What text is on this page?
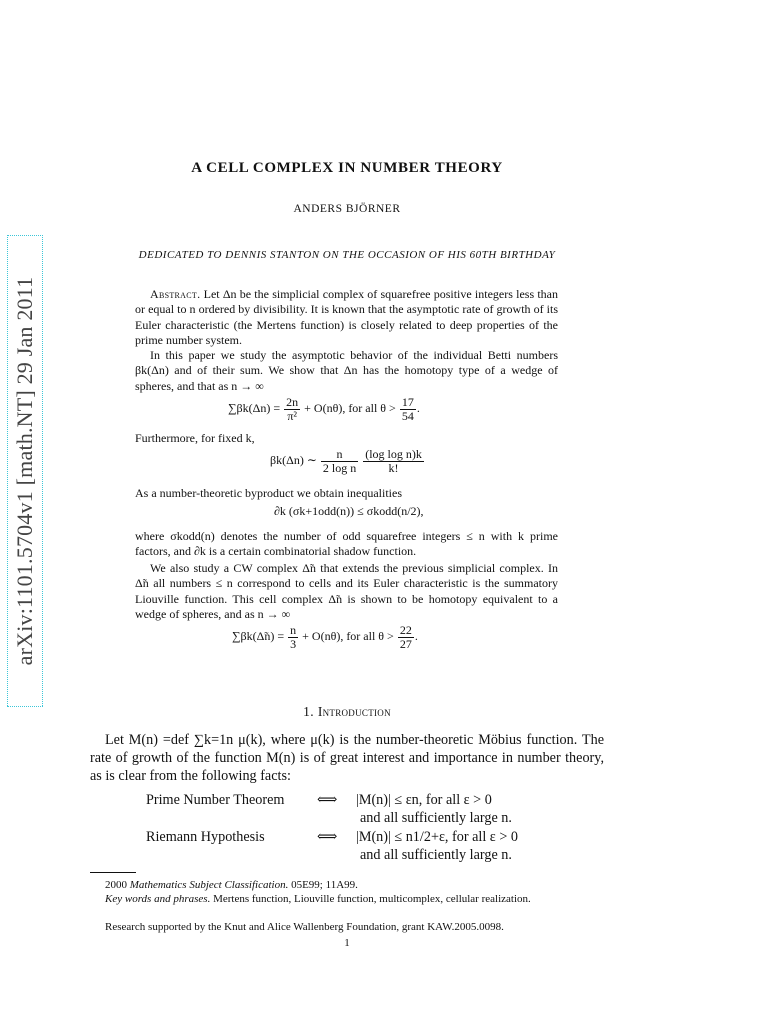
arXiv:1101.5704v1 [math.NT] 29 Jan 2011
A CELL COMPLEX IN NUMBER THEORY
ANDERS BJÖRNER
DEDICATED TO DENNIS STANTON ON THE OCCASION OF HIS 60TH BIRTHDAY

Abstract. Let Δn be the simplicial complex of squarefree positive integers less than or equal to n ordered by divisibility. It is known that the asymptotic rate of growth of its Euler characteristic (the Mertens function) is closely related to deep properties of the prime number system.

In this paper we study the asymptotic behavior of the individual Betti numbers βk(Δn) and of their sum. We show that Δn has the homotopy type of a wedge of spheres, and that as n → ∞

$\sum\beta k(\Delta n) = \frac{2n}{\text{π²}} + O(n\theta)$, for all $\theta > \frac{17}{54}$ .
Furthermore, for fixed k,
βk(Δn) ∼ $\frac{n}{\text{2 log n}}$
$\frac{\text{(log log n)k}}{k!}$
As a number-theoretic byproduct we obtain inequalities
∂k (σk+1odd(n)) ≤ σkodd(n/2),
where σkodd(n) denotes the number of odd squarefree integers ≤ n with k prime factors, and ∂k is a certain combinatorial shadow function.

We also study a CW complex Δ̃n that extends the previous simplicial complex. In Δ̃n all numbers ≤ n correspond to cells and its Euler characteristic is the summatory Liouville function. This cell complex Δ̃n is shown to be homotopy equivalent to a wedge of spheres, and as n → ∞

∑βk(Δ̃n) = $\frac{n}{3} + O(n\theta)$, for all $\theta > \frac{22}{27}$ .
1. Introduction

Let M(n) =def ∑k=1n μ(k), where μ(k) is the number-theoretic Möbius function. The rate of growth of the function M(n) is of great interest and importance in number theory, as is clear from the following facts:

Prime Number Theorem ⟺ |M(n)| ≤ εn, for all ε > 0
and all sufficiently large n.
Riemann Hypothesis	⟺ |M(n)| ≤ n1/2+ε, for all ε > 0
and all sufficiently large n.

2000 Mathematics Subject Classification. 05E99; 11A99.

Key words and phrases. Mertens function, Liouville function, multicomplex, cellular realization.

Research supported by the Knut and Alice Wallenberg Foundation, grant KAW.2005.0098.

1
